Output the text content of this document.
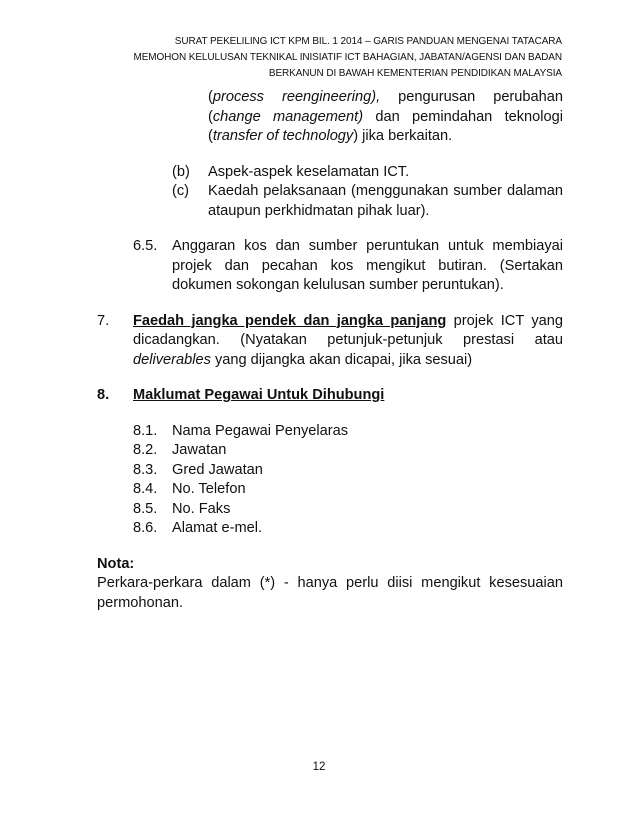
SURAT PEKELILING ICT KPM BIL. 1 2014 – GARIS PANDUAN MENGENAI TATACARA
MEMOHON KELULUSAN TEKNIKAL INISIATIF ICT BAHAGIAN, JABATAN/AGENSI DAN BADAN
BERKANUN DI BAWAH KEMENTERIAN PENDIDIKAN MALAYSIA
(process reengineering), pengurusan perubahan (change management) dan pemindahan teknologi (transfer of technology) jika berkaitan.
(b)	Aspek-aspek keselamatan ICT.
(c)	Kaedah pelaksanaan (menggunakan sumber dalaman ataupun perkhidmatan pihak luar).
6.5.	Anggaran kos dan sumber peruntukan untuk membiayai projek dan pecahan kos mengikut butiran. (Sertakan dokumen sokongan kelulusan sumber peruntukan).
7.	Faedah jangka pendek dan jangka panjang projek ICT yang dicadangkan. (Nyatakan petunjuk-petunjuk prestasi atau deliverables yang dijangka akan dicapai, jika sesuai)
8.	Maklumat Pegawai Untuk Dihubungi
8.1.	Nama Pegawai Penyelaras
8.2.	Jawatan
8.3.	Gred Jawatan
8.4.	No. Telefon
8.5.	No. Faks
8.6.	Alamat e-mel.
Nota:
Perkara-perkara dalam (*) - hanya perlu diisi mengikut kesesuaian permohonan.
12
